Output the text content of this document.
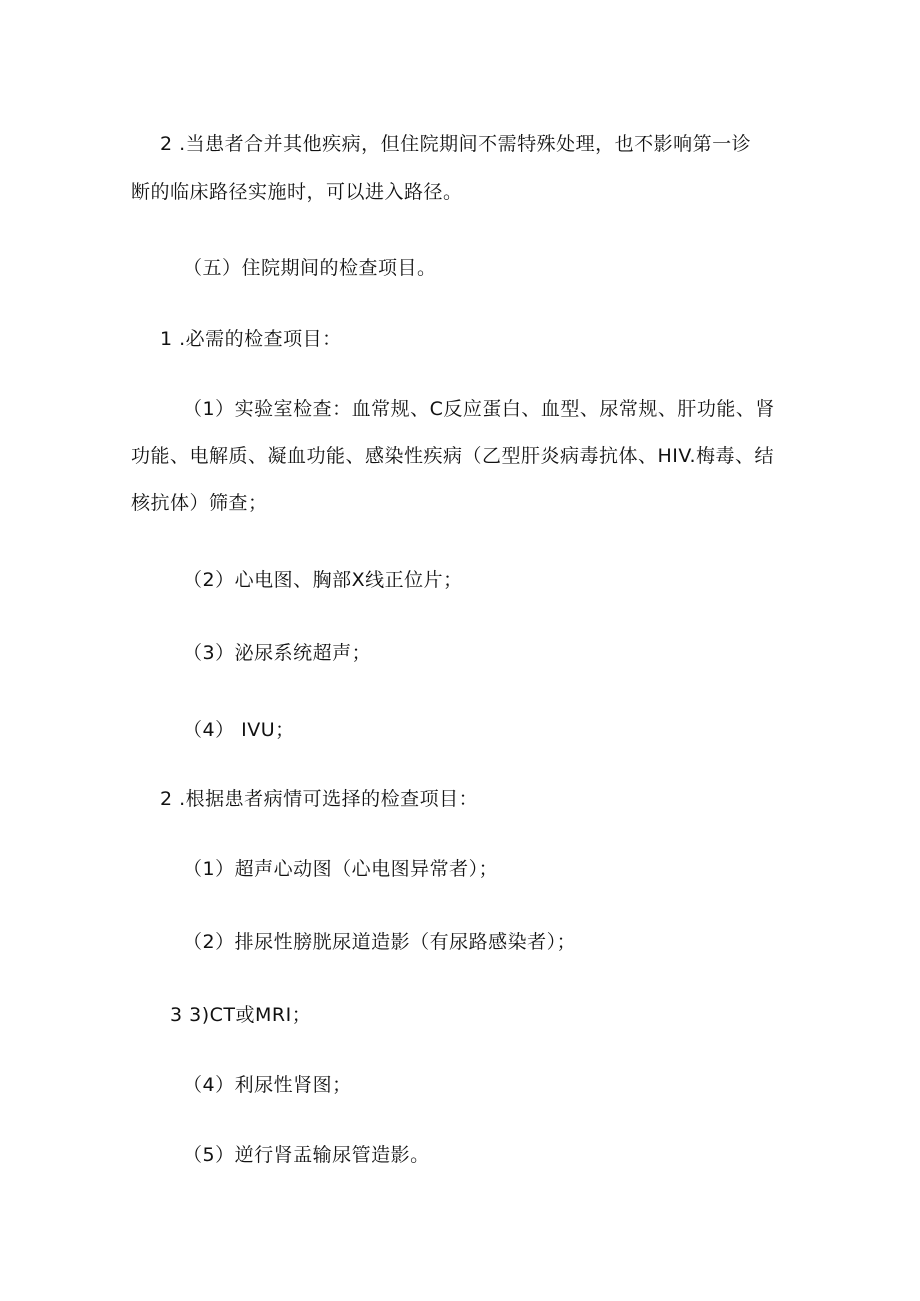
2 .当患者合并其他疾病，但住院期间不需特殊处理，也不影响第一诊
断的临床路径实施时，可以进入路径。
（五）住院期间的检查项目。
1 .必需的检查项目：
（1）实验室检查：血常规、C反应蛋白、血型、尿常规、肝功能、肾
功能、电解质、凝血功能、感染性疾病（乙型肝炎病毒抗体、HIV.梅毒、结
核抗体）筛查；
（2）心电图、胸部X线正位片；
（3）泌尿系统超声；
（4） IVU；
2 .根据患者病情可选择的检查项目：
（1）超声心动图（心电图异常者）；
（2）排尿性膀胱尿道造影（有尿路感染者）；
3 3)CT或MRI；
（4）利尿性肾图；
（5）逆行肾盂输尿管造影。
